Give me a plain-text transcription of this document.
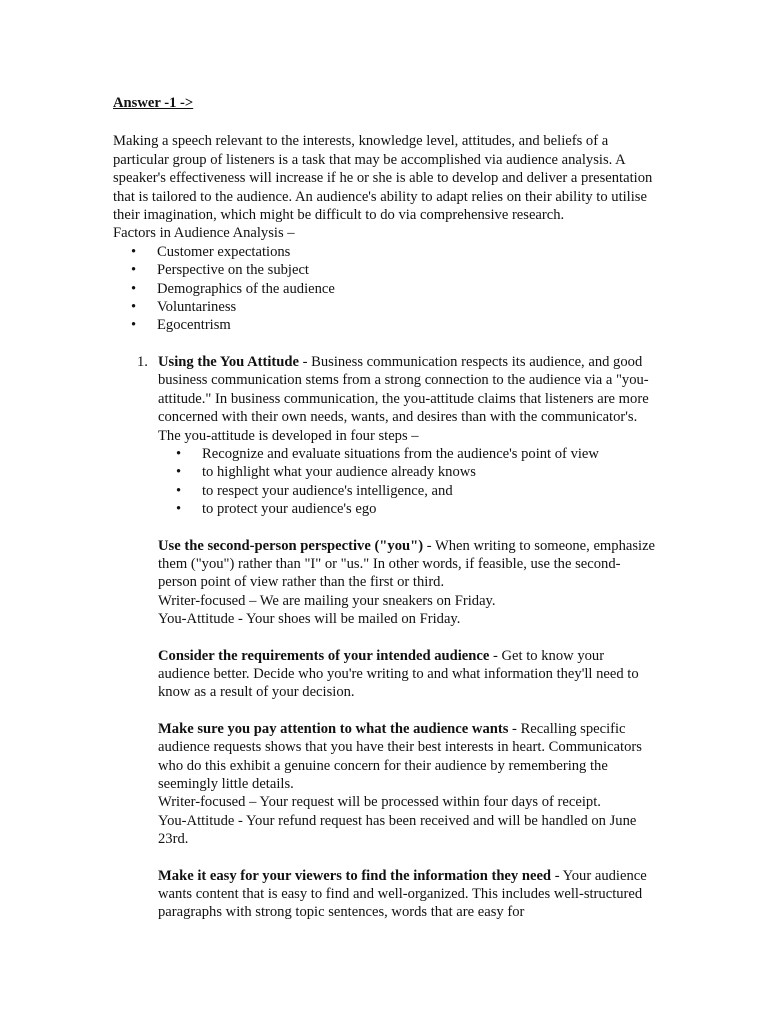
Answer -1 ->

Making a speech relevant to the interests, knowledge level, attitudes, and beliefs of a particular group of listeners is a task that may be accomplished via audience analysis. A speaker's effectiveness will increase if he or she is able to develop and deliver a presentation that is tailored to the audience. An audience's ability to adapt relies on their ability to utilise their imagination, which might be difficult to do via comprehensive research.

Factors in Audience Analysis –

• Customer expectations
• Perspective on the subject
• Demographics of the audience
• Voluntariness
• Egocentrism
1. Using the You Attitude - Business communication respects its audience, and good business communication stems from a strong connection to the audience via a "you-attitude." In business communication, the you-attitude claims that listeners are more concerned with their own needs, wants, and desires than with the communicator's. The you-attitude is developed in four steps –

• Recognize and evaluate situations from the audience's point of view
• to highlight what your audience already knows
• to respect your audience's intelligence, and
• to protect your audience's ego

Use the second-person perspective ("you") - When writing to someone, emphasize them ("you") rather than "I" or "us." In other words, if feasible, use the second-person point of view rather than the first or third.

Writer-focused – We are mailing your sneakers on Friday.

You-Attitude - Your shoes will be mailed on Friday.

Consider the requirements of your intended audience - Get to know your audience better. Decide who you're writing to and what information they'll need to know as a result of your decision.

Make sure you pay attention to what the audience wants - Recalling specific audience requests shows that you have their best interests in heart. Communicators who do this exhibit a genuine concern for their audience by remembering the seemingly little details.

Writer-focused – Your request will be processed within four days of receipt.

You-Attitude - Your refund request has been received and will be handled on June 23rd.

Make it easy for your viewers to find the information they need - Your audience wants content that is easy to find and well-organized. This includes well-structured paragraphs with strong topic sentences, words that are easy for
